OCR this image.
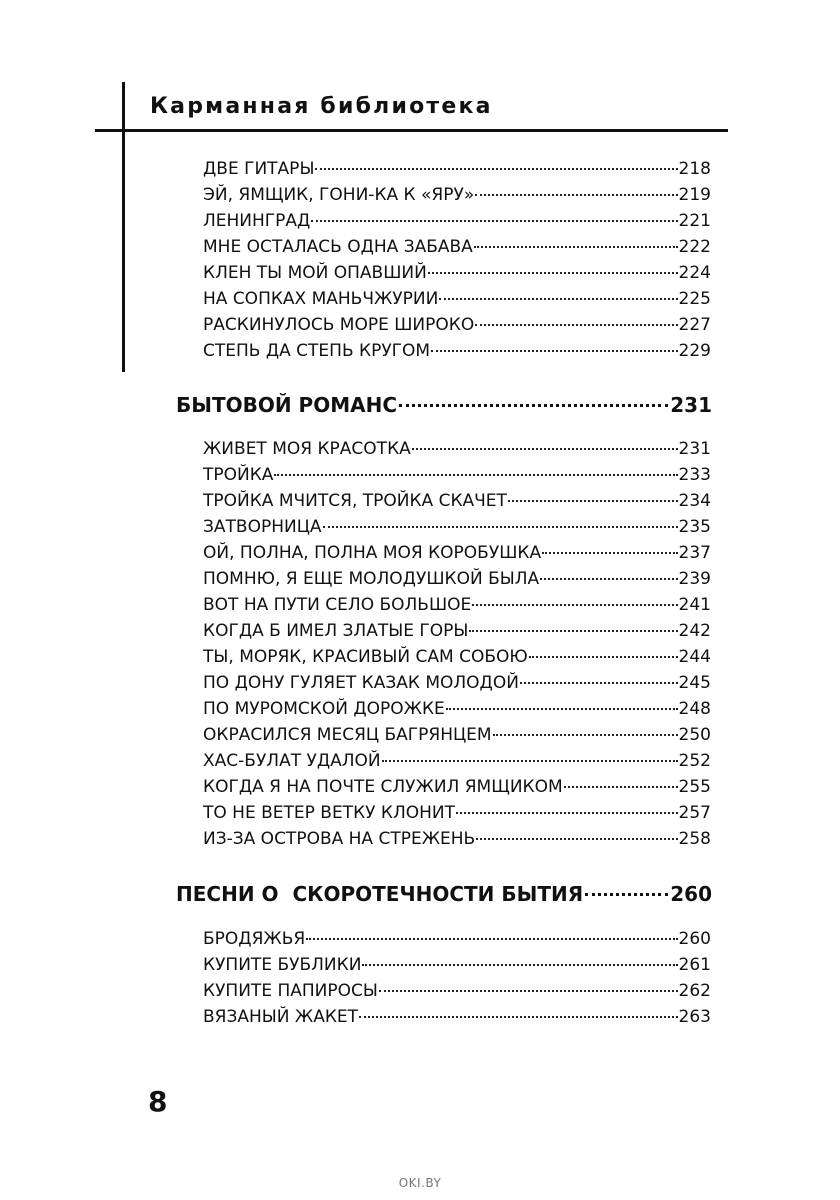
Карманная библиотека
ДВЕ ГИТАРЫ	218
ЭЙ, ЯМЩИК, ГОНИ-КА К «ЯРУ»	219
ЛЕНИНГРАД	221
МНЕ ОСТАЛАСЬ ОДНА ЗАБАВА	222
КЛЕН ТЫ МОЙ ОПАВШИЙ	224
НА СОПКАХ МАНЬЧЖУРИИ	225
РАСКИНУЛОСЬ МОРЕ ШИРОКО	227
СТЕПЬ ДА СТЕПЬ КРУГОМ	229
БЫТОВОЙ РОМАНС	231
ЖИВЕТ МОЯ КРАСОТКА	231
ТРОЙКА	233
ТРОЙКА МЧИТСЯ, ТРОЙКА СКАЧЕТ	234
ЗАТВОРНИЦА	235
ОЙ, ПОЛНА, ПОЛНА МОЯ КОРОБУШКА	237
ПОМНЮ, Я ЕЩЕ МОЛОДУШКОЙ БЫЛА	239
ВОТ НА ПУТИ СЕЛО БОЛЬШОЕ	241
КОГДА Б ИМЕЛ ЗЛАТЫЕ ГОРЫ	242
ТЫ, МОРЯК, КРАСИВЫЙ САМ СОБОЮ	244
ПО ДОНУ ГУЛЯЕТ КАЗАК МОЛОДОЙ	245
ПО МУРОМСКОЙ ДОРОЖКЕ	248
ОКРАСИЛСЯ МЕСЯЦ БАГРЯНЦЕМ	250
ХАС-БУЛАТ УДАЛОЙ	252
КОГДА Я НА ПОЧТЕ СЛУЖИЛ ЯМЩИКОМ	255
ТО НЕ ВЕТЕР ВЕТКУ КЛОНИТ	257
ИЗ-ЗА ОСТРОВА НА СТРЕЖЕНЬ	258
ПЕСНИ О  СКОРОТЕЧНОСТИ БЫТИЯ	260
БРОДЯЖЬЯ	260
КУПИТЕ БУБЛИКИ	261
КУПИТЕ ПАПИРОСЫ	262
ВЯЗАНЫЙ ЖАКЕТ	263
8
OKI.BY
